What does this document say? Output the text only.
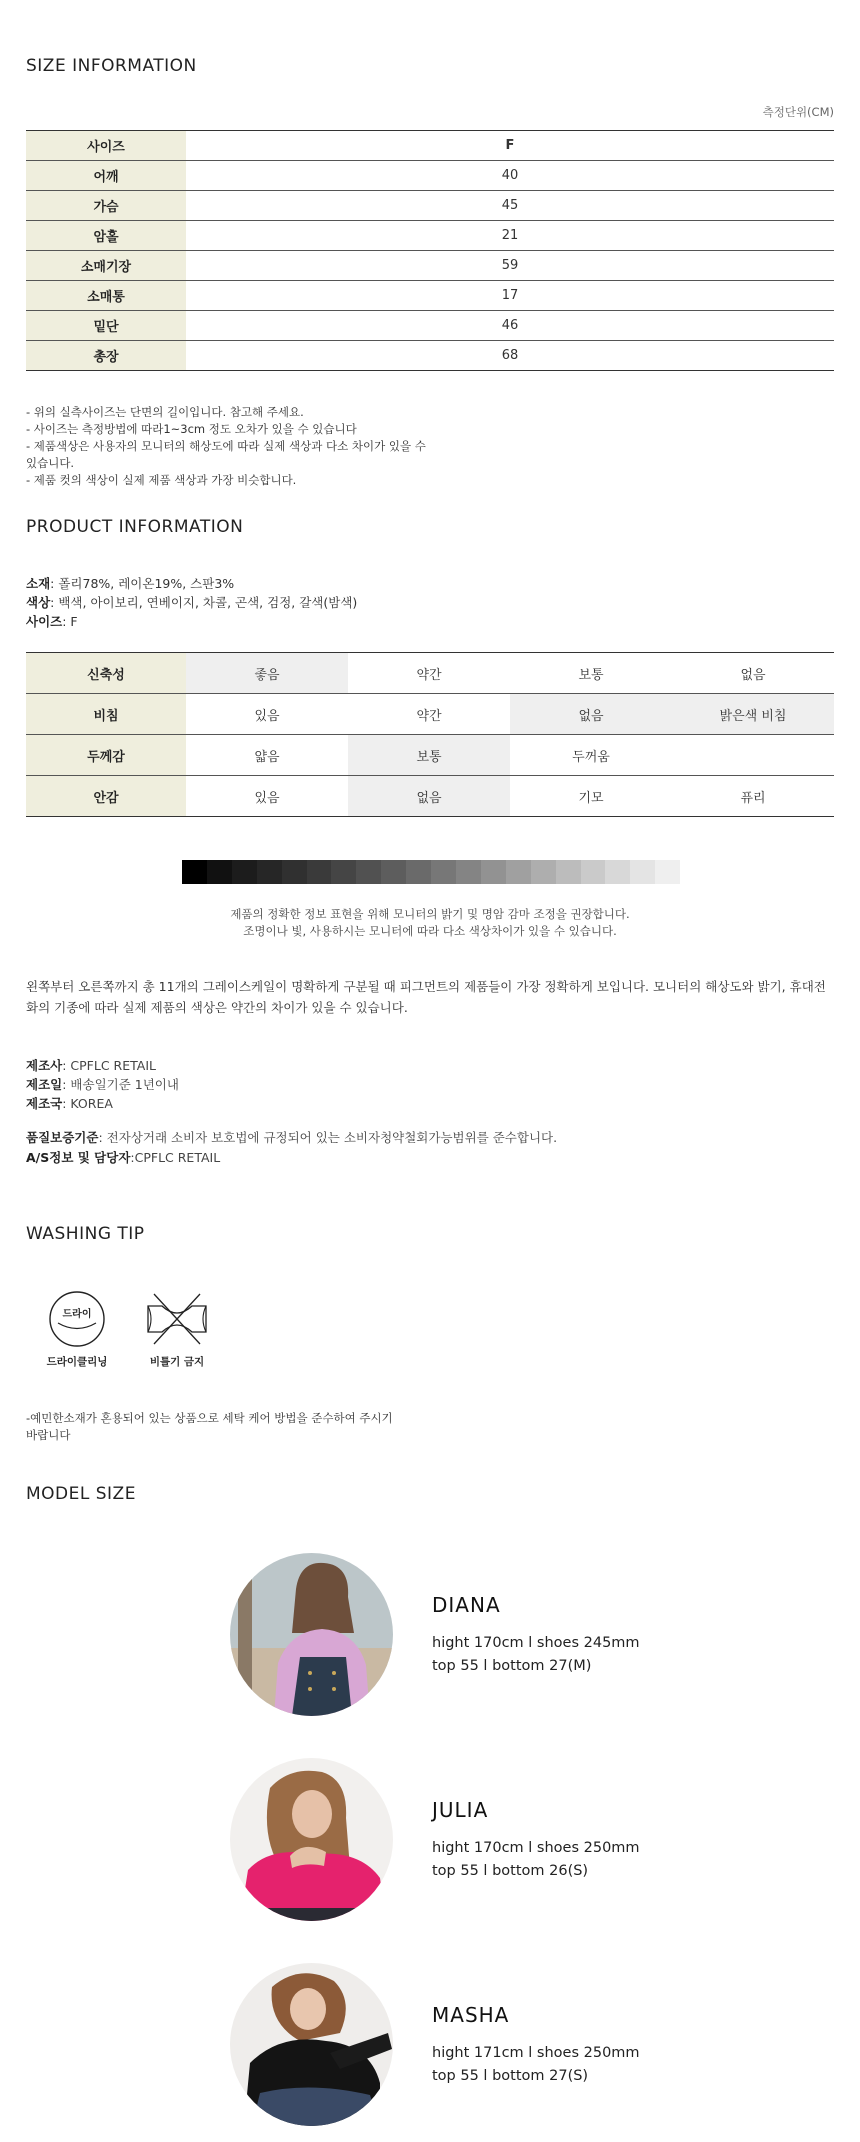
SIZE INFORMATION
측정단위(CM)
사이즈	F
어깨	40
가슴	45
암홀	21
소매기장	59
소매통	17
밑단	46
총장	68
- 위의 실측사이즈는 단면의 길이입니다. 참고해 주세요.
- 사이즈는 측정방법에 따라1~3cm 정도 오차가 있을 수 있습니다
- 제품색상은 사용자의 모니터의 해상도에 따라 실제 색상과 다소 차이가 있을 수
있습니다.
- 제품 컷의 색상이 실제 제품 색상과 가장 비슷합니다.
PRODUCT INFORMATION
소재: 폴리78%, 레이온19%, 스판3%
색상: 백색, 아이보리, 연베이지, 차콜, 곤색, 검정, 갈색(밤색)
사이즈: F
신축성	좋음	약간	보통	없음
비침	있음	약간	없음	밝은색 비침
두께감	얇음	보통	두꺼움	
안감	있음	없음	기모	퓨리
제품의 정확한 정보 표현을 위해 모니터의 밝기 및 명암 감마 조정을 권장합니다.
조명이나 빛, 사용하시는 모니터에 따라 다소 색상차이가 있을 수 있습니다.
왼쪽부터 오른쪽까지 총 11개의 그레이스케일이 명확하게 구분될 때 피그먼트의 제품들이 가장 정확하게 보입니다. 모니터의 해상도와 밝기, 휴대전화의 기종에 따라 실제 제품의 색상은 약간의 차이가 있을 수 있습니다.
제조사: CPFLC RETAIL
제조일: 배송일기준 1년이내
제조국: KOREA
품질보증기준: 전자상거래 소비자 보호법에 규정되어 있는 소비자청약철회가능범위를 준수합니다.
A/S정보 및 담당자:CPFLC RETAIL
WASHING TIP
드라이
드라이클리닝	비틀기 금지
-예민한소재가 혼용되어 있는 상품으로 세탁 케어 방법을 준수하여 주시기
바랍니다
MODEL SIZE
DIANA
hight 170cm l shoes 245mm
top 55 l bottom 27(M)
JULIA
hight 170cm l shoes 250mm
top 55 l bottom 26(S)
MASHA
hight 171cm l shoes 250mm
top 55 l bottom 27(S)
